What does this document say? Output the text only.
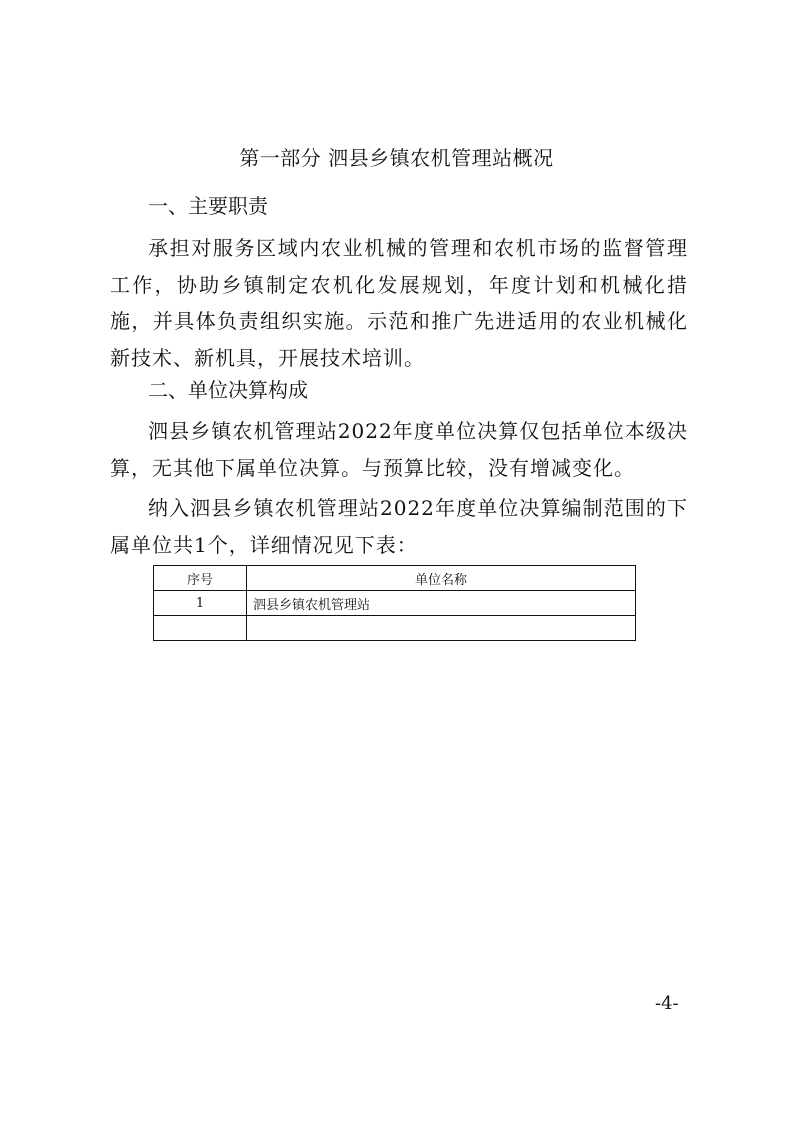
第一部分 泗县乡镇农机管理站概况
一、主要职责
承担对服务区域内农业机械的管理和农机市场的监督管理工作，协助乡镇制定农机化发展规划，年度计划和机械化措施，并具体负责组织实施。示范和推广先进适用的农业机械化新技术、新机具，开展技术培训。
二、单位决算构成
泗县乡镇农机管理站2022年度单位决算仅包括单位本级决算，无其他下属单位决算。与预算比较，没有增减变化。
纳入泗县乡镇农机管理站2022年度单位决算编制范围的下属单位共1个，详细情况见下表：
序号	单位名称
1	泗县乡镇农机管理站

-4-
